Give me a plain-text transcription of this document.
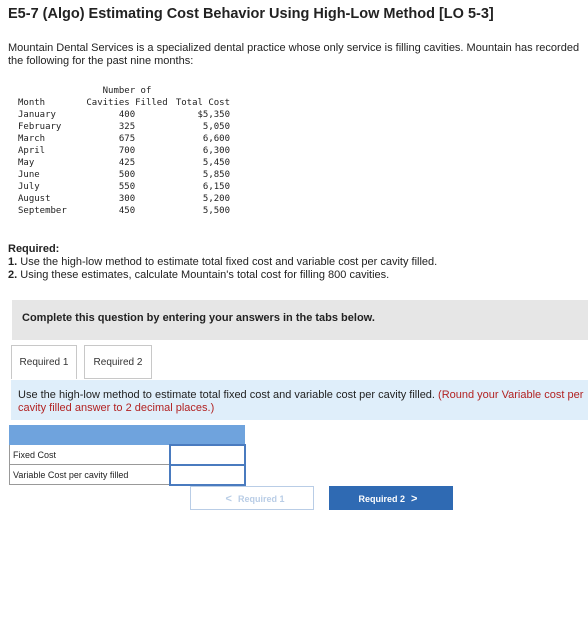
E5-7 (Algo) Estimating Cost Behavior Using High-Low Method [LO 5-3]

Mountain Dental Services is a specialized dental practice whose only service is filling cavities. Mountain has recorded the following for the past nine months:

	Number of	
Month	Cavities Filled	Total Cost
January	400	$5,350
February	325	5,050
March	675	6,600
April	700	6,300
May	425	5,450
June	500	5,850
July	550	6,150
August	300	5,200
September	450	5,500
Required:
1. Use the high-low method to estimate total fixed cost and variable cost per cavity filled.
2. Using these estimates, calculate Mountain's total cost for filling 800 cavities.
Complete this question by entering your answers in the tabs below.
Required 1	Required 2
Use the high-low method to estimate total fixed cost and variable cost per cavity filled. (Round your Variable cost per cavity filled answer to 2 decimal places.)

Fixed Cost	
Variable Cost per cavity filled	
< Required 1	Required 2 >
